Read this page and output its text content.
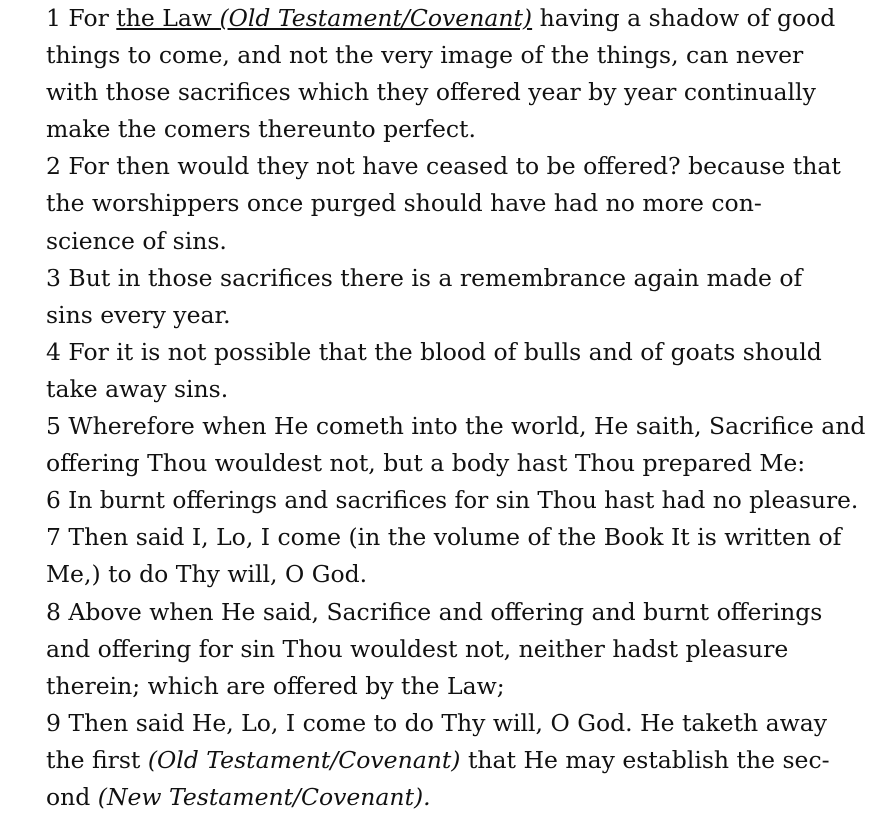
1 For the Law (Old Testament/Covenant) having a shadow of good
things to come, and not the very image of the things, can never
with those sacrifices which they offered year by year continually
make the comers thereunto perfect.
2 For then would they not have ceased to be offered? because that
the worshippers once purged should have had no more con-
science of sins.
3 But in those sacrifices there is a remembrance again made of
sins every year.
4 For it is not possible that the blood of bulls and of goats should
take away sins.
5 Wherefore when He cometh into the world, He saith, Sacrifice and
offering Thou wouldest not, but a body hast Thou prepared Me:
6 In burnt offerings and sacrifices for sin Thou hast had no pleasure.
7 Then said I, Lo, I come (in the volume of the Book It is written of
Me,) to do Thy will, O God.
8 Above when He said, Sacrifice and offering and burnt offerings
and offering for sin Thou wouldest not, neither hadst pleasure
therein; which are offered by the Law;
9 Then said He, Lo, I come to do Thy will, O God. He taketh away
the first (Old Testament/Covenant) that He may establish the sec-
ond (New Testament/Covenant).
